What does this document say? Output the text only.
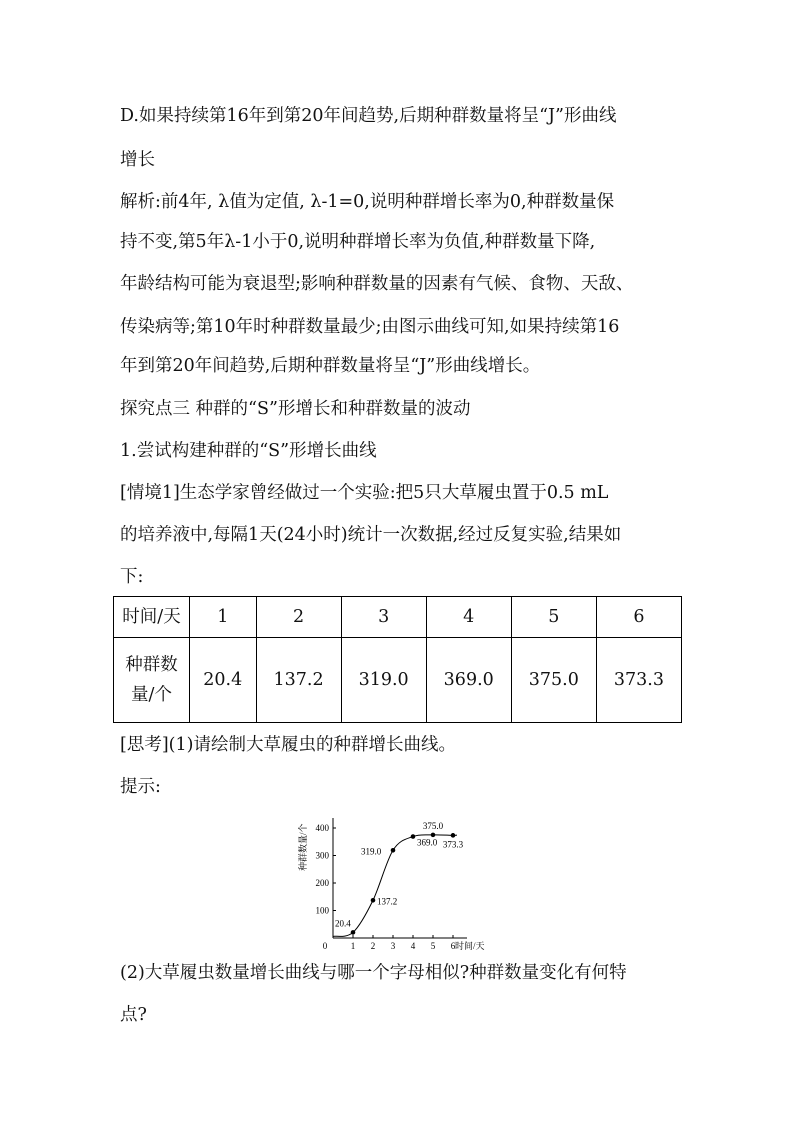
D.如果持续第16年到第20年间趋势,后期种群数量将呈“J”形曲线
增长
解析:前4年, λ值为定值, λ-1=0,说明种群增长率为0,种群数量保
持不变,第5年λ-1小于0,说明种群增长率为负值,种群数量下降,
年龄结构可能为衰退型;影响种群数量的因素有气候、食物、天敌、
传染病等;第10年时种群数量最少;由图示曲线可知,如果持续第16
年到第20年间趋势,后期种群数量将呈“J”形曲线增长。
探究点三 种群的“S”形增长和种群数量的波动
1.尝试构建种群的“S”形增长曲线
[情境1]生态学家曾经做过一个实验:把5只大草履虫置于0.5 mL
的培养液中,每隔1天(24小时)统计一次数据,经过反复实验,结果如
下:
时间/天	1	2	3	4	5	6
种群数
量/个	20.4	137.2	319.0	369.0	375.0	373.3
[思考](1)请绘制大草履虫的种群增长曲线。
提示:
0	1 2 3 4 5 6
100
200
300
400
时间/天
种群数量/个
20.4
137.2
319.0
369.0
375.0
373.3
(2)大草履虫数量增长曲线与哪一个字母相似?种群数量变化有何特
点?
